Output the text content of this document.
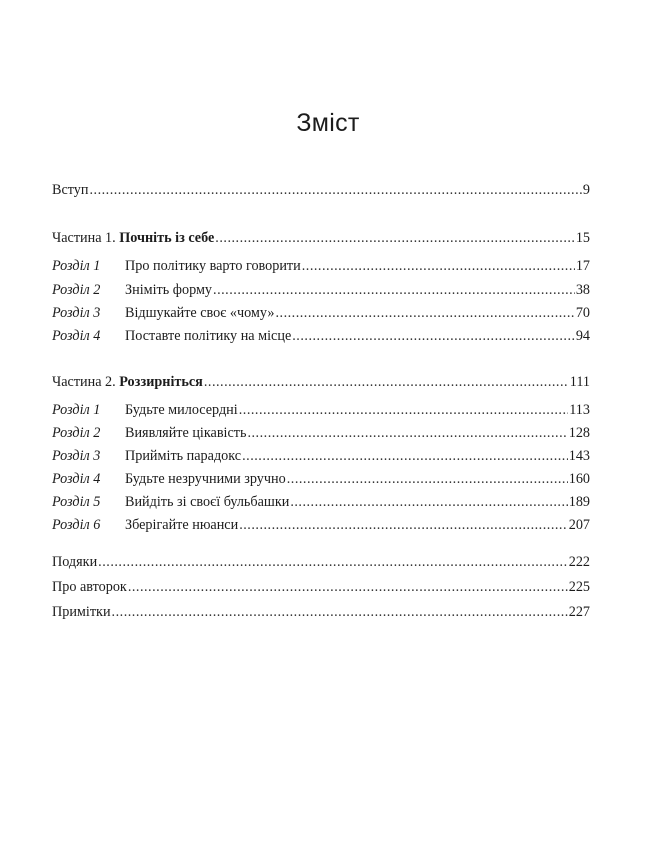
Зміст
Вступ .....	9
Частина 1. Почніть із себе .....	15
Розділ 1	Про політику варто говорити .....	17
Розділ 2	Зніміть форму .....	38
Розділ 3	Відшукайте своє «чому» .....	70
Розділ 4	Поставте політику на місце .....	94
Частина 2. Роззирніться .....	111
Розділ 1	Будьте милосердні .....	113
Розділ 2	Виявляйте цікавість .....	128
Розділ 3	Прийміть парадокс .....	143
Розділ 4	Будьте незручними зручно .....	160
Розділ 5	Вийдіть зі своєї бульбашки .....	189
Розділ 6	Зберігайте нюанси .....	207
Подяки .....	222
Про авторок .....	225
Примітки .....	227
